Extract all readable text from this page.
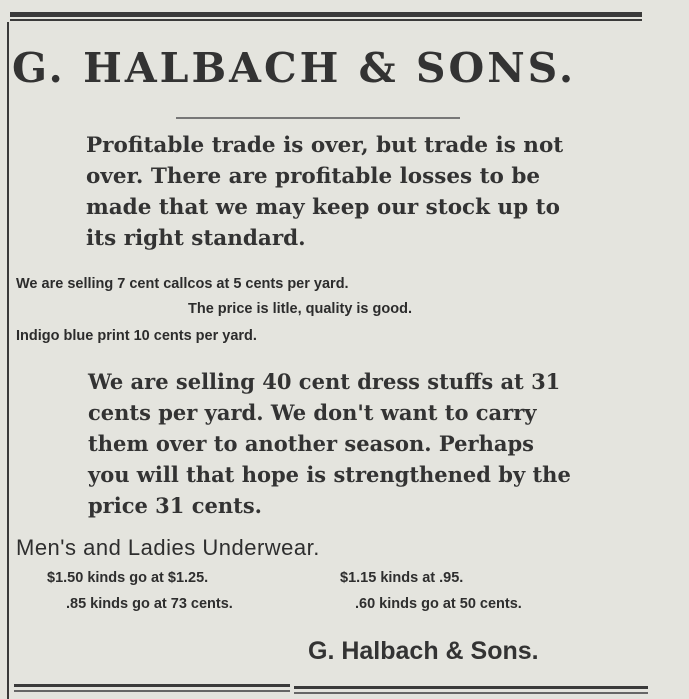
G. HALBACH & SONS.
Profitable trade is over, but trade is not
over. There are profitable losses to be
made that we may keep our stock up to
its right standard.
We are selling 7 cent callcos at 5 cents per yard.
The price is litle, quality is good.
Indigo blue print 10 cents per yard.
We are selling 40 cent dress stuffs at 31
cents per yard. We don't want to carry
them over to another season. Perhaps
you will that hope is strengthened by the
price 31 cents.
Men's and Ladies Underwear.
$1.50 kinds go at $1.25.	$1.15 kinds at .95.
.85 kinds go at 73 cents.	.60 kinds go at 50 cents.
G. Halbach & Sons.
